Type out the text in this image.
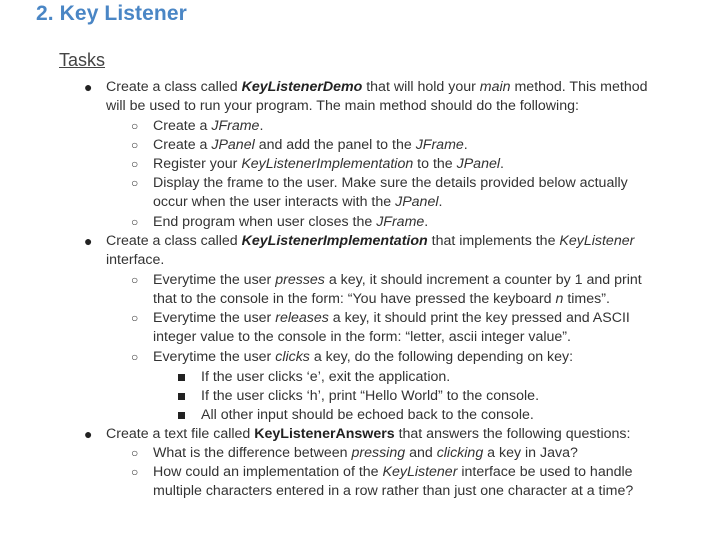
2. Key Listener
Tasks
● Create a class called KeyListenerDemo that will hold your main method. This method
will be used to run your program. The main method should do the following:
○ Create a JFrame.
○ Create a JPanel and add the panel to the JFrame.
○ Register your KeyListenerImplementation to the JPanel.
○ Display the frame to the user. Make sure the details provided below actually
occur when the user interacts with the JPanel.
○ End program when user closes the JFrame.
● Create a class called KeyListenerImplementation that implements the KeyListener
interface.
○ Everytime the user presses a key, it should increment a counter by 1 and print
that to the console in the form: “You have pressed the keyboard n times”.
○ Everytime the user releases a key, it should print the key pressed and ASCII
integer value to the console in the form: “letter, ascii integer value”.
○ Everytime the user clicks a key, do the following depending on key:
If the user clicks ‘e’, exit the application.
If the user clicks ‘h’, print “Hello World” to the console.
All other input should be echoed back to the console.
● Create a text file called KeyListenerAnswers that answers the following questions:
○ What is the difference between pressing and clicking a key in Java?
○ How could an implementation of the KeyListener interface be used to handle
multiple characters entered in a row rather than just one character at a time?
